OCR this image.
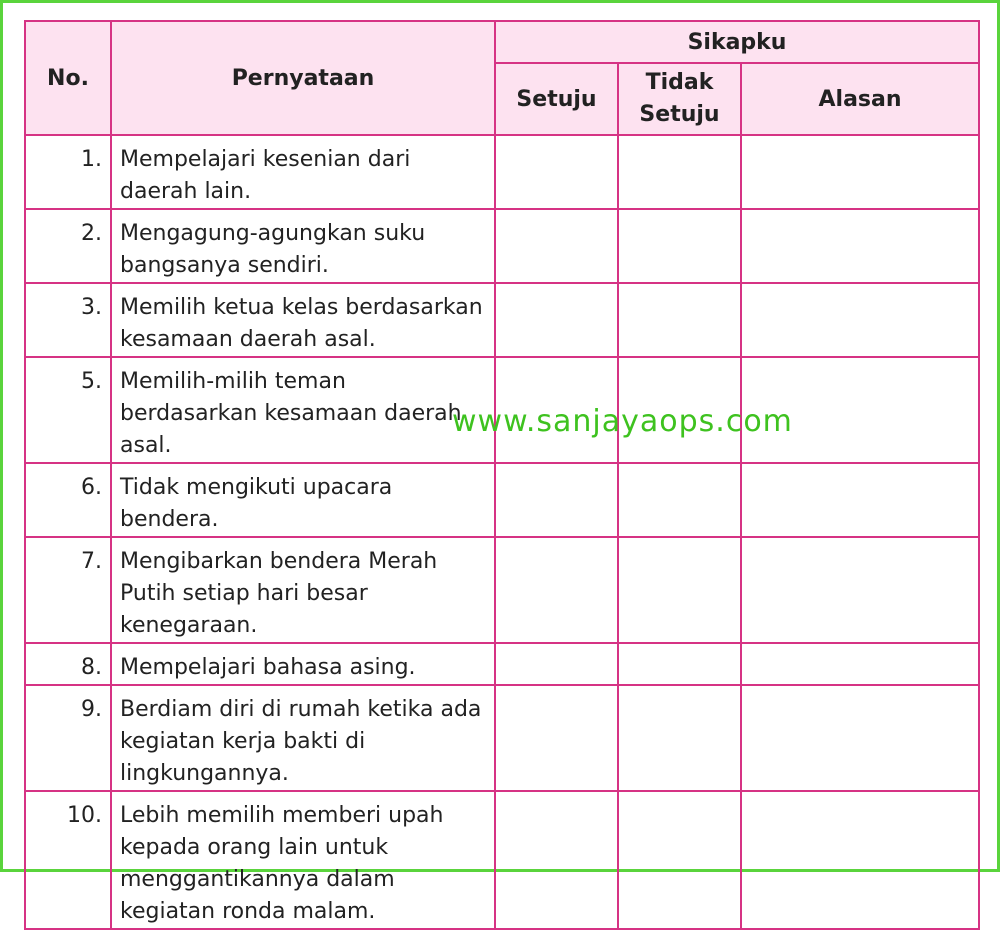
No.	Pernyataan	Sikapku		
		Setuju	Tidak Setuju	Alasan
1.	Mempelajari kesenian dari daerah lain.			
2.	Mengagung-agungkan suku bangsanya sendiri.			
3.	Memilih ketua kelas berdasarkan kesamaan daerah asal.			
5.	Memilih-milih teman berdasarkan kesamaan daerah asal.			
6.	Tidak mengikuti upacara bendera.			
7.	Mengibarkan bendera Merah Putih setiap hari besar kenegaraan.			
8.	Mempelajari bahasa asing.			
9.	Berdiam diri di rumah ketika ada kegiatan kerja bakti di lingkungannya.			
10.	Lebih memilih memberi upah kepada orang lain untuk menggantikannya dalam kegiatan ronda malam.			
www.sanjayaops.com
